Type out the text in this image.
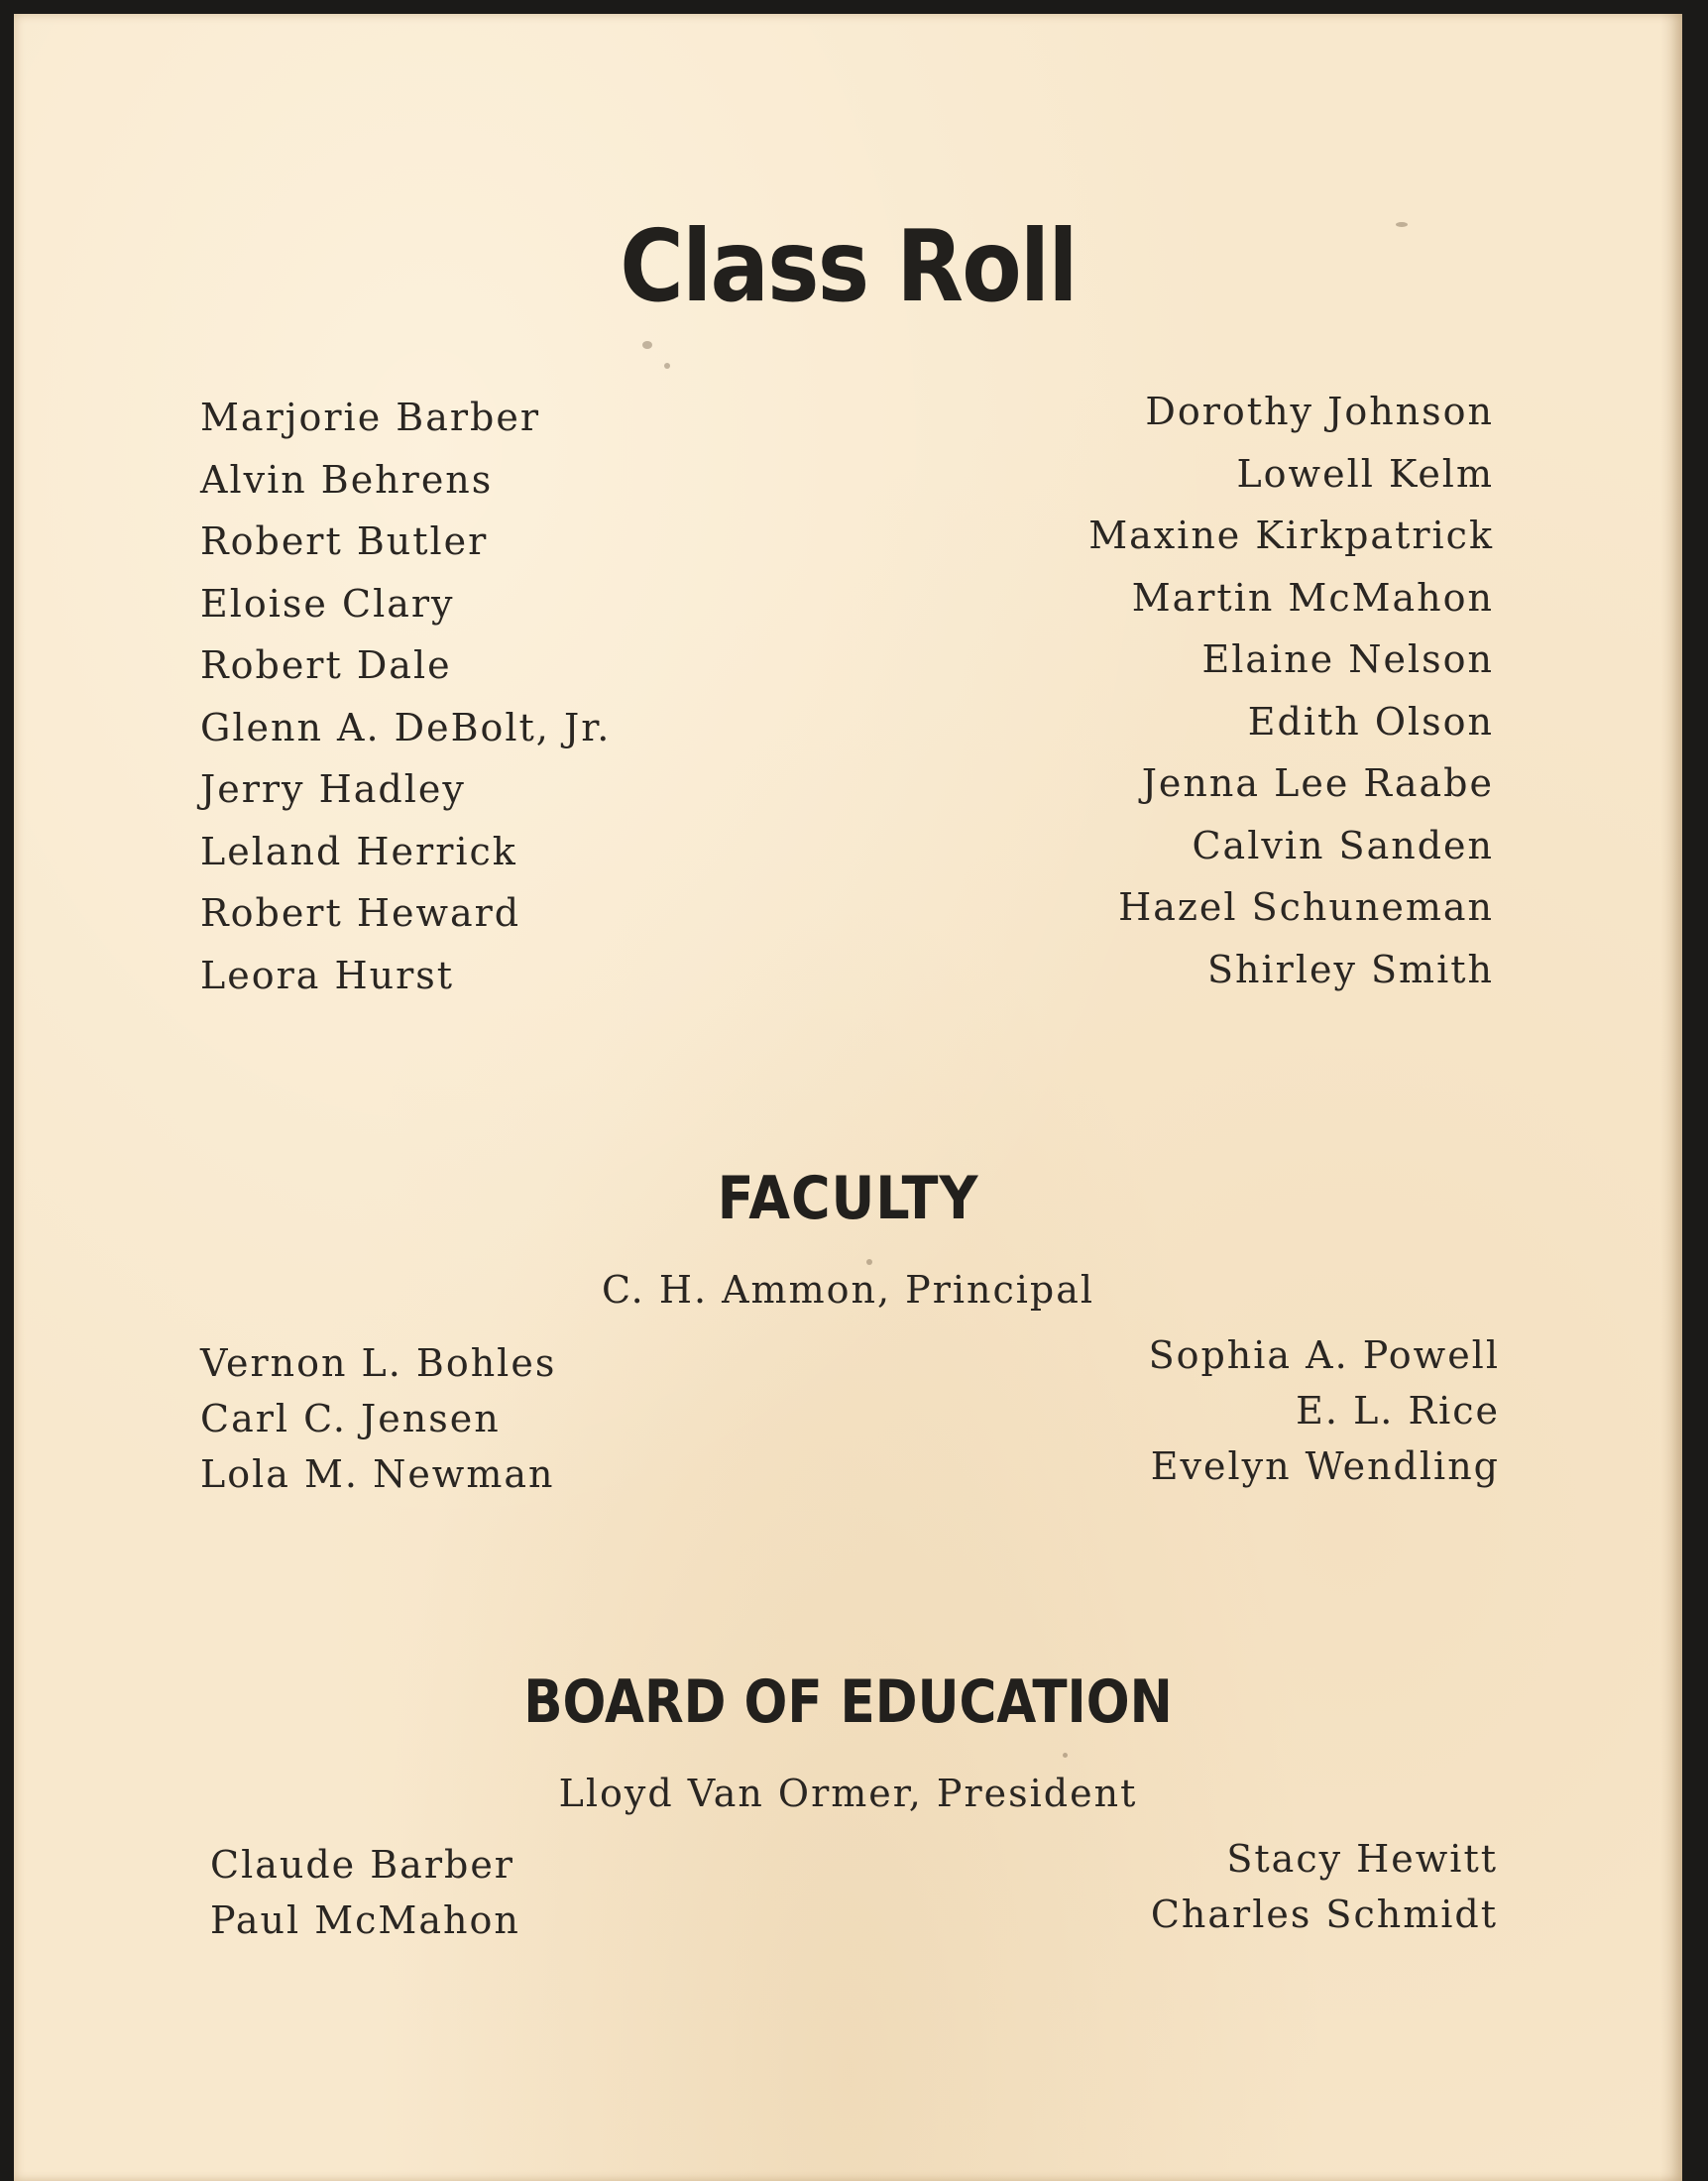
Class Roll
Marjorie Barber
Alvin Behrens
Robert Butler
Eloise Clary
Robert Dale
Glenn A. DeBolt, Jr.
Jerry Hadley
Leland Herrick
Robert Heward
Leora Hurst
Dorothy Johnson
Lowell Kelm
Maxine Kirkpatrick
Martin McMahon
Elaine Nelson
Edith Olson
Jenna Lee Raabe
Calvin Sanden
Hazel Schuneman
Shirley Smith
FACULTY
C. H. Ammon, Principal
Vernon L. Bohles
Carl C. Jensen
Lola M. Newman
Sophia A. Powell
E. L. Rice
Evelyn Wendling
BOARD OF EDUCATION
Lloyd Van Ormer, President
Claude Barber
Paul McMahon
Stacy Hewitt
Charles Schmidt
